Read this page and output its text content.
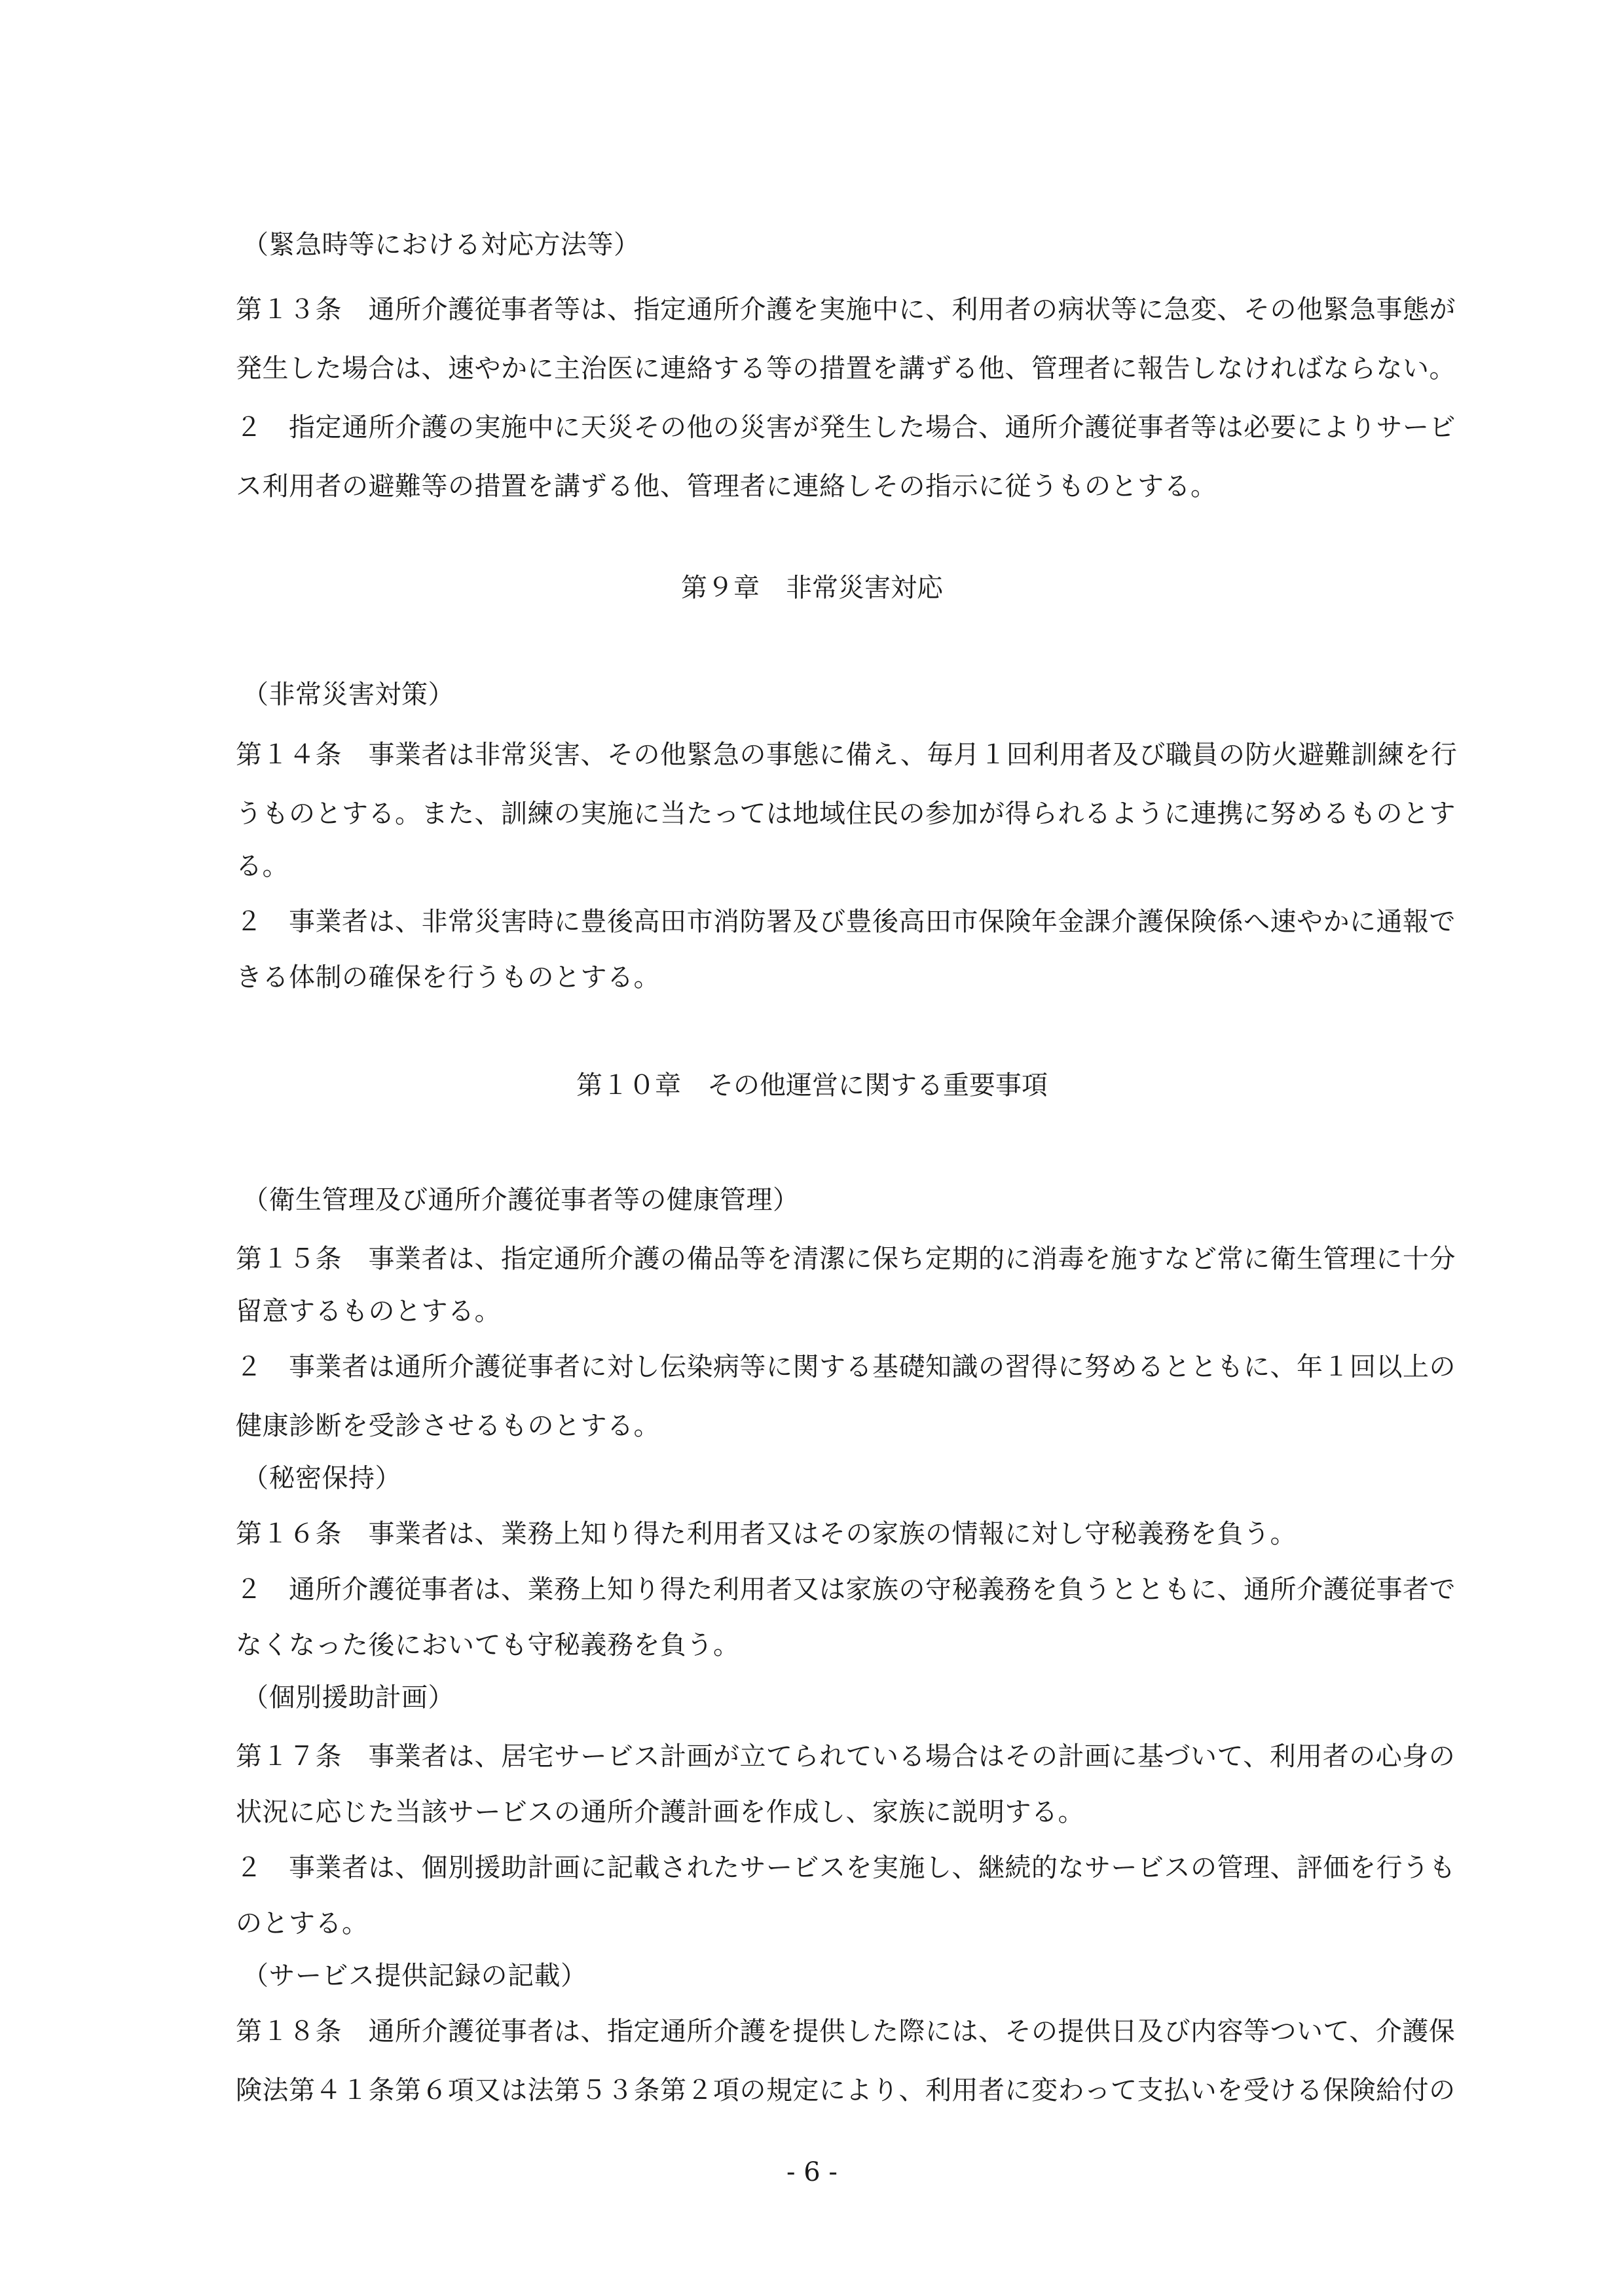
（緊急時等における対応方法等）
第１３条　通所介護従事者等は、指定通所介護を実施中に、利用者の病状等に急変、その他緊急事態が
発生した場合は、速やかに主治医に連絡する等の措置を講ずる他、管理者に報告しなければならない。
２　指定通所介護の実施中に天災その他の災害が発生した場合、通所介護従事者等は必要によりサービ
ス利用者の避難等の措置を講ずる他、管理者に連絡しその指示に従うものとする。
第９章　非常災害対応
（非常災害対策）
第１４条　事業者は非常災害、その他緊急の事態に備え、毎月１回利用者及び職員の防火避難訓練を行
うものとする。また、訓練の実施に当たっては地域住民の参加が得られるように連携に努めるものとす
る。
２　事業者は、非常災害時に豊後高田市消防署及び豊後高田市保険年金課介護保険係へ速やかに通報で
きる体制の確保を行うものとする。
第１０章　その他運営に関する重要事項
（衛生管理及び通所介護従事者等の健康管理）
第１５条　事業者は、指定通所介護の備品等を清潔に保ち定期的に消毒を施すなど常に衛生管理に十分
留意するものとする。
２　事業者は通所介護従事者に対し伝染病等に関する基礎知識の習得に努めるとともに、年１回以上の
健康診断を受診させるものとする。
（秘密保持）
第１６条　事業者は、業務上知り得た利用者又はその家族の情報に対し守秘義務を負う。
２　通所介護従事者は、業務上知り得た利用者又は家族の守秘義務を負うとともに、通所介護従事者で
なくなった後においても守秘義務を負う。
（個別援助計画）
第１７条　事業者は、居宅サービス計画が立てられている場合はその計画に基づいて、利用者の心身の
状況に応じた当該サービスの通所介護計画を作成し、家族に説明する。
２　事業者は、個別援助計画に記載されたサービスを実施し、継続的なサービスの管理、評価を行うも
のとする。
（サービス提供記録の記載）
第１８条　通所介護従事者は、指定通所介護を提供した際には、その提供日及び内容等ついて、介護保
険法第４１条第６項又は法第５３条第２項の規定により、利用者に変わって支払いを受ける保険給付の
- 6 -
